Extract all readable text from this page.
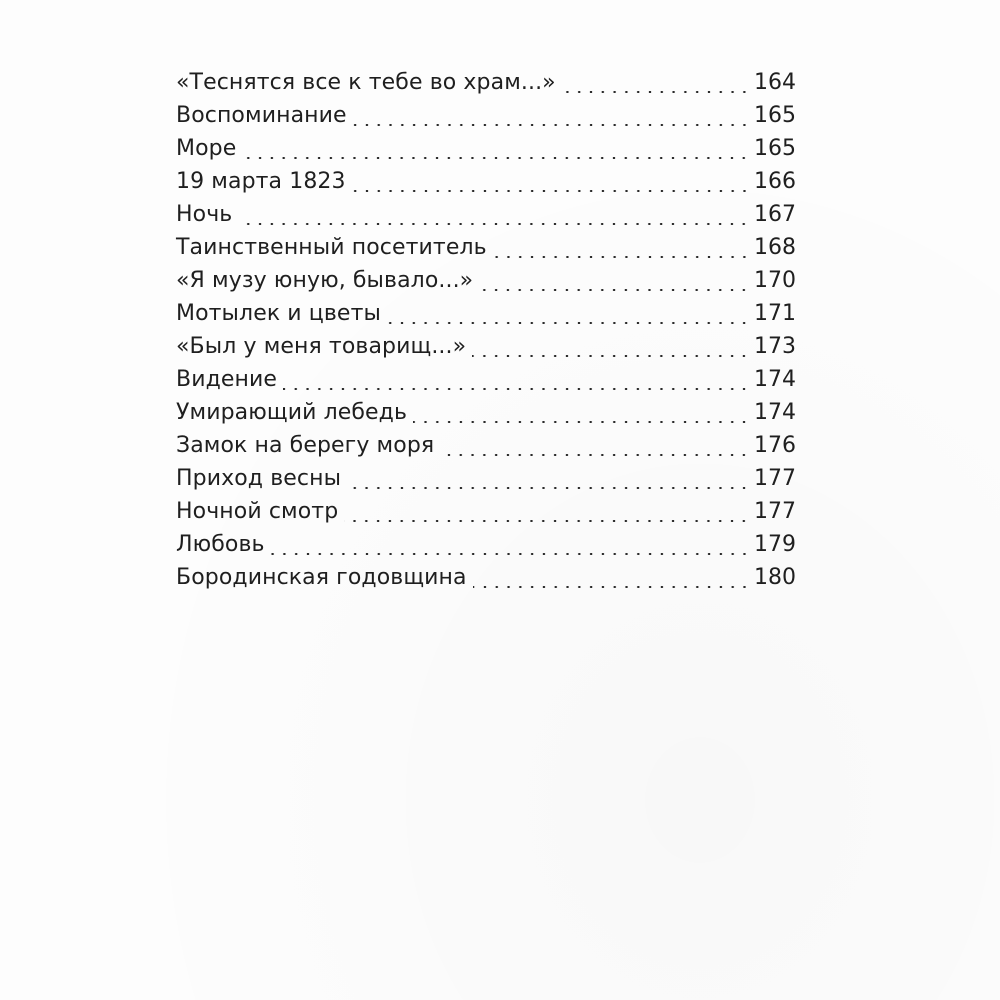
«Теснятся все к тебе во храм...»	164
Воспоминание	165
Море	165
19 марта 1823	166
Ночь	167
Таинственный посетитель	168
«Я музу юную, бывало...»	170
Мотылек и цветы	171
«Был у меня товарищ...»	173
Видение	174
Умирающий лебедь	174
Замок на берегу моря	176
Приход весны	177
Ночной смотр	177
Любовь	179
Бородинская годовщина	180
